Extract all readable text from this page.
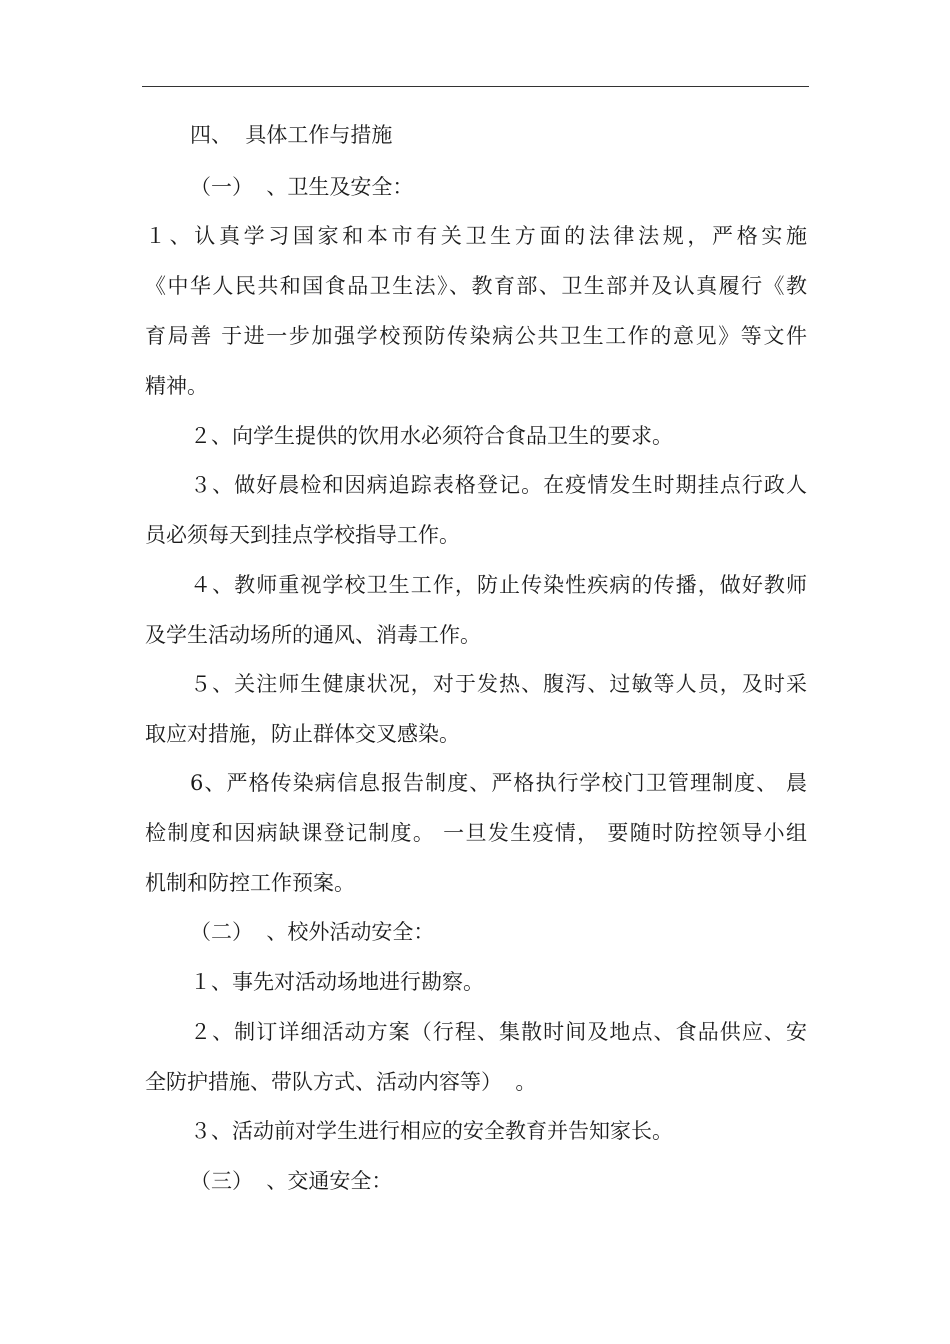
四、  具体工作与措施
（一）  、卫生及安全：
１、认真学习国家和本市有关卫生方面的法律法规，严格实施
《中华人民共和国食品卫生法》、教育部、卫生部并及认真履行《教
育局善 于进一步加强学校预防传染病公共卫生工作的意见》等文件
精神。
２、向学生提供的饮用水必须符合食品卫生的要求。
３、做好晨检和因病追踪表格登记。在疫情发生时期挂点行政人
员必须每天到挂点学校指导工作。
４、教师重视学校卫生工作，防止传染性疾病的传播，做好教师
及学生活动场所的通风、消毒工作。
５、关注师生健康状况，对于发热、腹泻、过敏等人员，及时采
取应对措施，防止群体交叉感染。
6、严格传染病信息报告制度、严格执行学校门卫管理制度、 晨
检制度和因病缺课登记制度。 一旦发生疫情， 要随时防控领导小组
机制和防控工作预案。
（二）  、校外活动安全：
１、事先对活动场地进行勘察。
２、制订详细活动方案（行程、集散时间及地点、食品供应、安
全防护措施、带队方式、活动内容等）  。
３、活动前对学生进行相应的安全教育并告知家长。
（三）  、交通安全：
